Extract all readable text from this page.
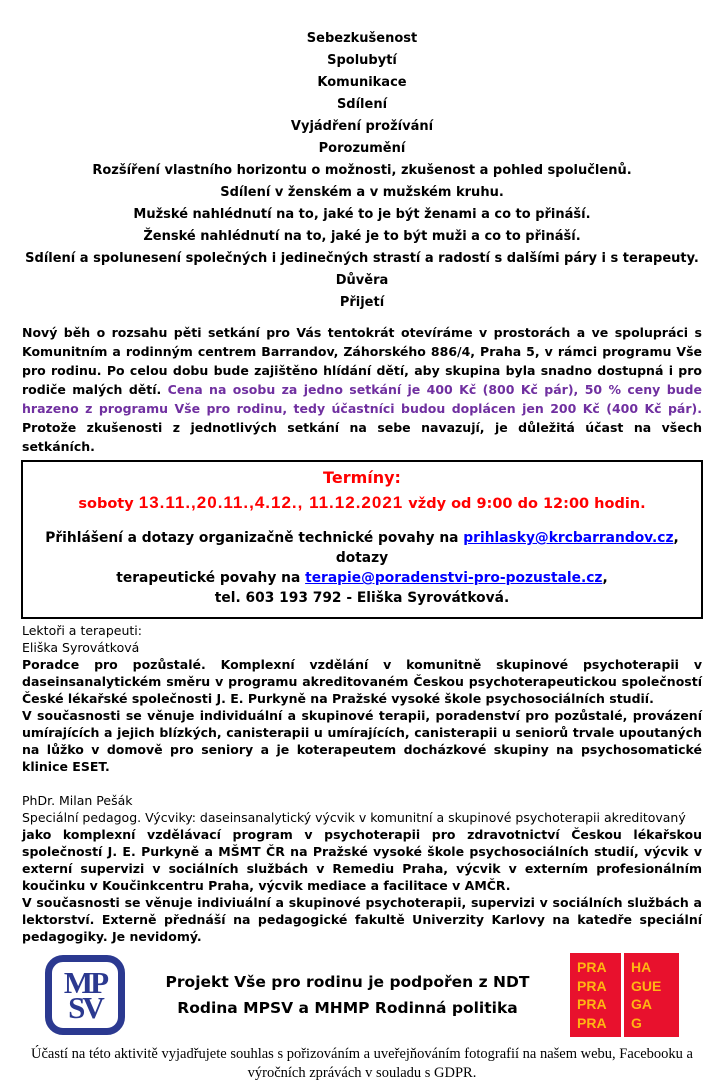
Sebezkušenost
Spolubytí
Komunikace
Sdílení
Vyjádření prožívání
Porozumění
Rozšíření vlastního horizontu o možnosti, zkušenost a pohled spolučlenů.
Sdílení v ženském a v mužském kruhu.
Mužské nahlédnutí na to, jaké to je být ženami a co to přináší.
Ženské nahlédnutí na to, jaké je to být muži a co to přináší.
Sdílení a spolunesení společných i jedinečných strastí a radostí s dalšími páry i s terapeuty.
Důvěra
Přijetí

Nový běh o rozsahu pěti setkání pro Vás tentokrát otevíráme v prostorách a ve spolupráci s Komunitním a rodinným centrem Barrandov, Záhorského 886/4, Praha 5, v rámci programu Vše pro rodinu. Po celou dobu bude zajištěno hlídání dětí, aby skupina byla snadno dostupná i pro rodiče malých dětí. Cena na osobu za jedno setkání je 400 Kč (800 Kč pár), 50 % ceny bude hrazeno z programu Vše pro rodinu, tedy účastníci budou doplácen jen 200 Kč (400 Kč pár). Protože zkušenosti z jednotlivých setkání na sebe navazují, je důležitá účast na všech setkáních.

Termíny:
soboty 13.11.,20.11.,4.12., 11.12.2021 vždy od 9:00 do 12:00 hodin.
Přihlášení a dotazy organizačně technické povahy na prihlasky@krcbarrandov.cz, dotazy
terapeutické povahy na terapie@poradenstvi-pro-pozustale.cz,
tel. 603 193 792 - Eliška Syrovátková.
Lektoři a terapeuti:
Eliška Syrovátková
Poradce pro pozůstalé. Komplexní vzdělání v komunitně skupinové psychoterapii v daseinsanalytickém směru v programu akreditovaném Českou psychoterapeutickou společností České lékařské společnosti J. E. Purkyně na Pražské vysoké škole psychosociálních studií.
V současnosti se věnuje individuální a skupinové terapii, poradenství pro pozůstalé, provázení umírajících a jejich blízkých, canisterapii u umírajících, canisterapii u seniorů trvale upoutaných na lůžko v domově pro seniory a je koterapeutem docházkové skupiny na psychosomatické klinice ESET.
PhDr. Milan Pešák
Speciální pedagog. Výcviky: daseinsanalytický výcvik v komunitní a skupinové psychoterapii akreditovaný
jako komplexní vzdělávací program v psychoterapii pro zdravotnictví Českou lékařskou společností J. E. Purkyně a MŠMT ČR na Pražské vysoké škole psychosociálních studií, výcvik v externí supervizi v sociálních službách v Remediu Praha, výcvik v externím profesionálním koučinku v Koučinkcentru Praha, výcvik mediace a facilitace v AMČR.
V současnosti se věnuje indiviuální a skupinové psychoterapii, supervizi v sociálních službách a lektorství. Externě přednáší na pedagogické fakultě Univerzity Karlovy na katedře speciální pedagogiky. Je nevidomý.
MP
SV
Projekt Vše pro rodinu je podpořen z NDT
Rodina MPSV a MHMP Rodinná politika
PRA
PRA
PRA
PRA
HA
GUE
GA
G
Účastí na této aktivitě vyjadřujete souhlas s pořizováním a uveřejňováním fotografií na našem webu, Facebooku a výročních zprávách v souladu s GDPR.
